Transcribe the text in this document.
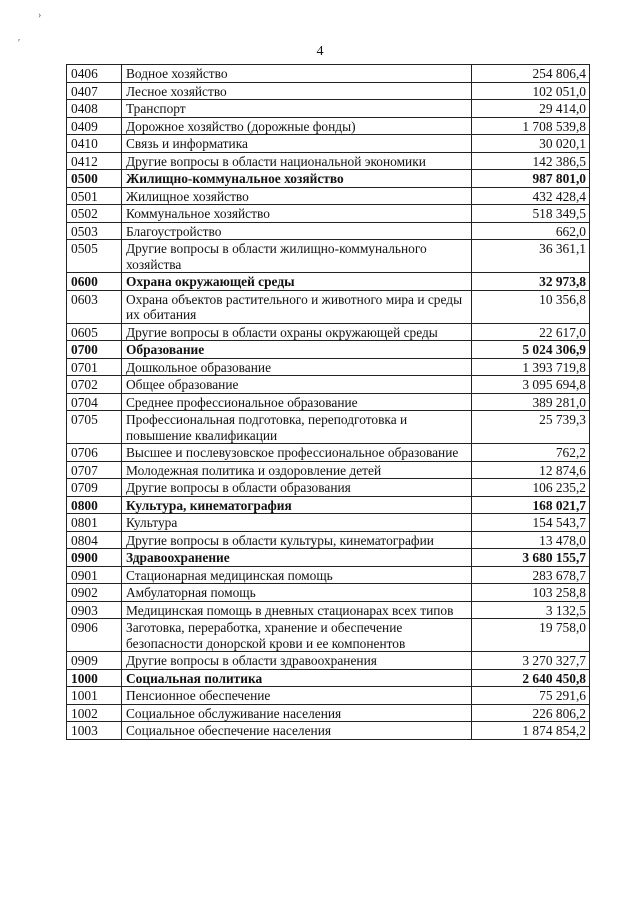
›
′
4
0406	Водное хозяйство	254 806,4
0407	Лесное хозяйство	102 051,0
0408	Транспорт	29 414,0
0409	Дорожное хозяйство (дорожные фонды)	1 708 539,8
0410	Связь и информатика	30 020,1
0412	Другие вопросы в области национальной экономики	142 386,5
0500	Жилищно-коммунальное хозяйство	987 801,0
0501	Жилищное хозяйство	432 428,4
0502	Коммунальное хозяйство	518 349,5
0503	Благоустройство	662,0
0505	Другие вопросы в области жилищно-коммунального хозяйства	36 361,1
0600	Охрана окружающей среды	32 973,8
0603	Охрана объектов растительного и животного мира и среды их обитания	10 356,8
0605	Другие вопросы в области охраны окружающей среды	22 617,0
0700	Образование	5 024 306,9
0701	Дошкольное образование	1 393 719,8
0702	Общее образование	3 095 694,8
0704	Среднее профессиональное образование	389 281,0
0705	Профессиональная подготовка, переподготовка и повышение квалификации	25 739,3
0706	Высшее и послевузовское профессиональное образование	762,2
0707	Молодежная политика и оздоровление детей	12 874,6
0709	Другие вопросы в области образования	106 235,2
0800	Культура, кинематография	168 021,7
0801	Культура	154 543,7
0804	Другие вопросы в области культуры, кинематографии	13 478,0
0900	Здравоохранение	3 680 155,7
0901	Стационарная медицинская помощь	283 678,7
0902	Амбулаторная помощь	103 258,8
0903	Медицинская помощь в дневных стационарах всех типов	3 132,5
0906	Заготовка, переработка, хранение и обеспечение безопасности донорской крови и ее компонентов	19 758,0
0909	Другие вопросы в области здравоохранения	3 270 327,7
1000	Социальная политика	2 640 450,8
1001	Пенсионное обеспечение	75 291,6
1002	Социальное обслуживание населения	226 806,2
1003	Социальное обеспечение населения	1 874 854,2
